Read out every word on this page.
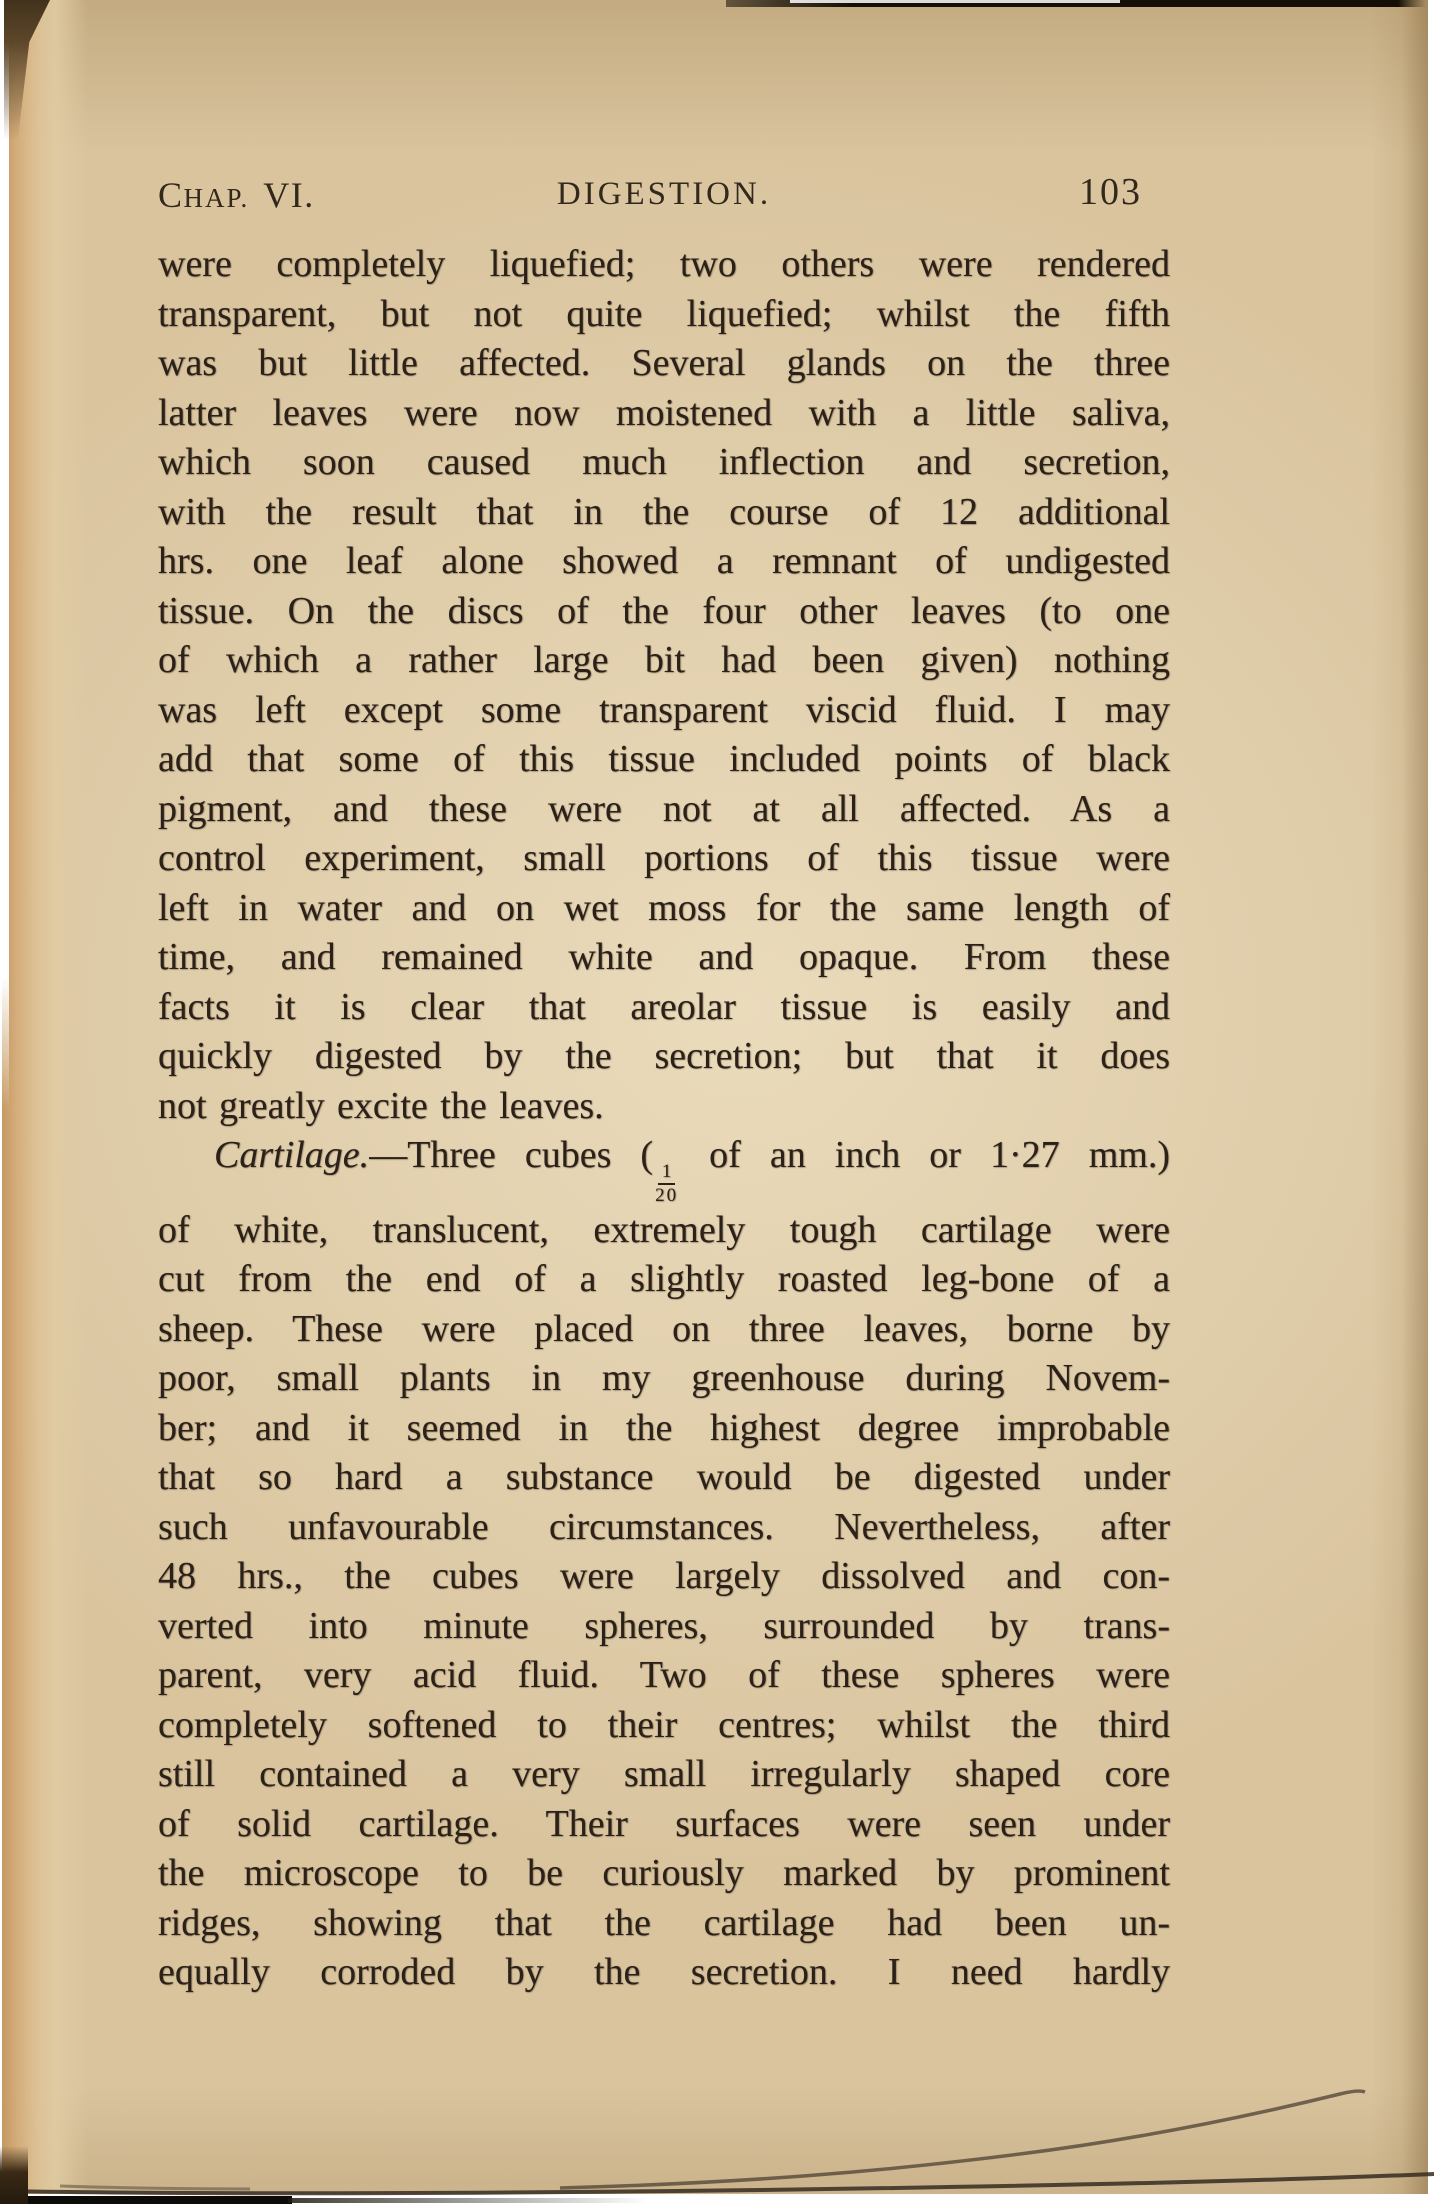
CHAP. VI.	DIGESTION.	103
were completely liquefied; two others were rendered
transparent, but not quite liquefied; whilst the fifth
was but little affected. Several glands on the three
latter leaves were now moistened with a little saliva,
which soon caused much inflection and secretion,
with the result that in the course of 12 additional
hrs. one leaf alone showed a remnant of undigested
tissue. On the discs of the four other leaves (to one
of which a rather large bit had been given) nothing
was left except some transparent viscid fluid. I may
add that some of this tissue included points of black
pigment, and these were not at all affected. As a
control experiment, small portions of this tissue were
left in water and on wet moss for the same length of
time, and remained white and opaque. From these
facts it is clear that areolar tissue is easily and
quickly digested by the secretion; but that it does
not greatly excite the leaves.
Cartilage.—Three cubes (
$\frac{1}{20}$
of an inch or 1·27 mm.)
of white, translucent, extremely tough cartilage were
cut from the end of a slightly roasted leg-bone of a
sheep. These were placed on three leaves, borne by
poor, small plants in my greenhouse during Novem-
ber; and it seemed in the highest degree improbable
that so hard a substance would be digested under
such unfavourable circumstances. Nevertheless, after
48 hrs., the cubes were largely dissolved and con-
verted into minute spheres, surrounded by trans-
parent, very acid fluid. Two of these spheres were
completely softened to their centres; whilst the third
still contained a very small irregularly shaped core
of solid cartilage. Their surfaces were seen under
the microscope to be curiously marked by prominent
ridges, showing that the cartilage had been un-
equally corroded by the secretion. I need hardly
